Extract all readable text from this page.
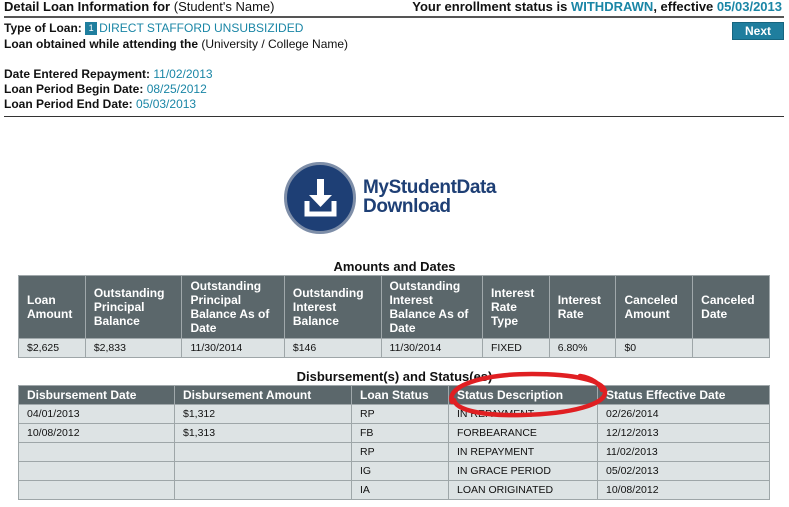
Detail Loan Information for (Student's Name)	Your enrollment status is WITHDRAWN, effective 05/03/2013
Next
Type of Loan: 1 DIRECT STAFFORD UNSUBSIZIDED
Loan obtained while attending the (University / College Name)
Date Entered Repayment: 11/02/2013
Loan Period Begin Date: 08/25/2012
Loan Period End Date: 05/03/2013
MyStudentData
Download
Amounts and Dates
Loan Amount	Outstanding Principal Balance	Outstanding Principal Balance As of Date	Outstanding Interest Balance	Outstanding Interest Balance As of Date	Interest Rate Type	Interest Rate	Canceled Amount	Canceled Date
$2,625	$2,833	11/30/2014	$146	11/30/2014	FIXED	6.80%	$0	
Disbursement(s) and Status(es)
Disbursement Date	Disbursement Amount	Loan Status	Status Description	Status Effective Date
04/01/2013	$1,312	RP	IN REPAYMENT	02/26/2014
10/08/2012	$1,313	FB	FORBEARANCE	12/12/2013
		RP	IN REPAYMENT	11/02/2013
		IG	IN GRACE PERIOD	05/02/2013
		IA	LOAN ORIGINATED	10/08/2012
